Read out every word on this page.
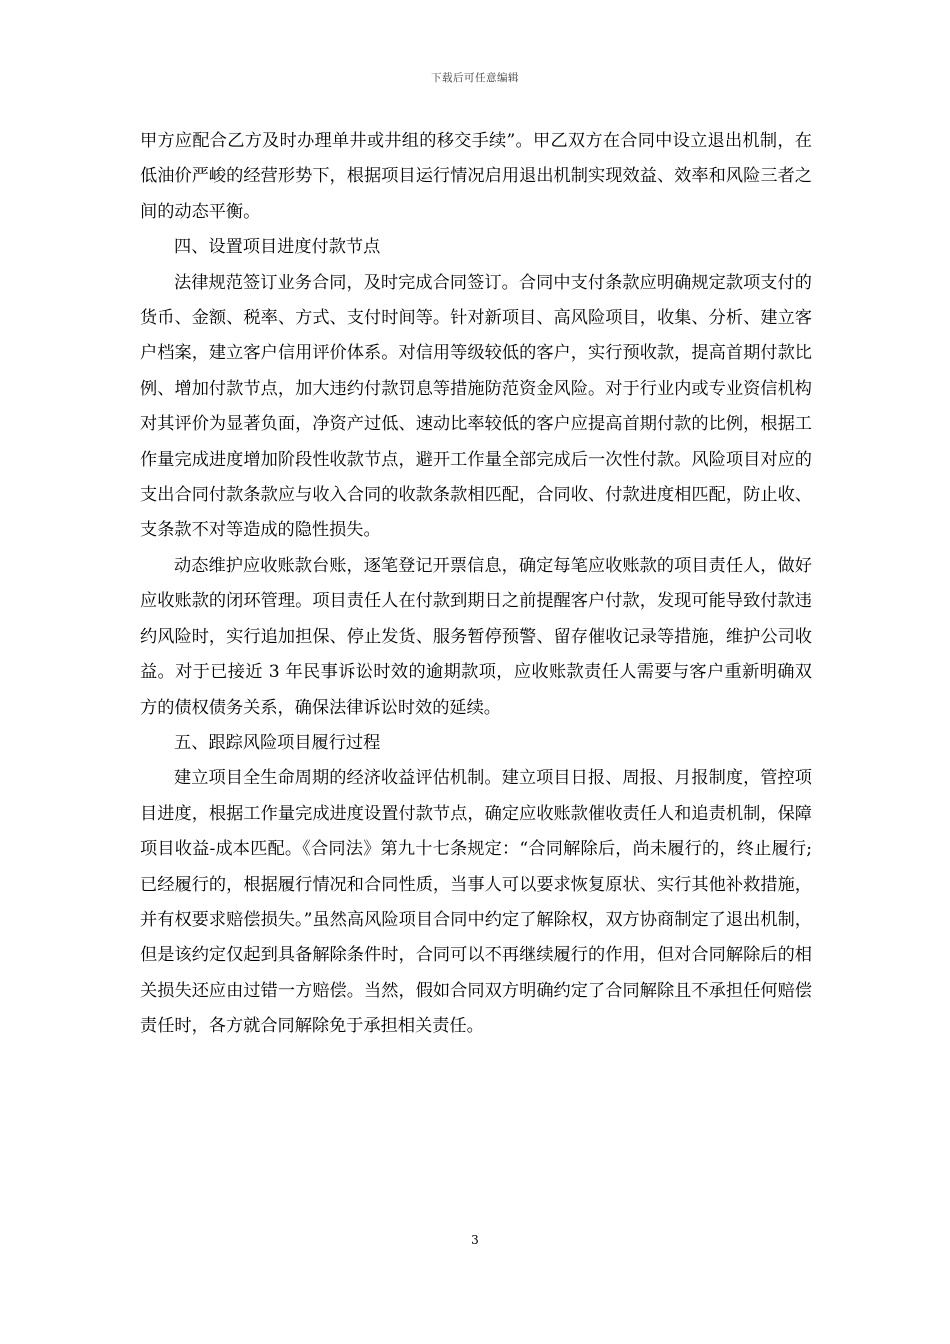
下载后可任意编辑

甲方应配合乙方及时办理单井或井组的移交手续”。甲乙双方在合同中设立退出机制，在低油价严峻的经营形势下，根据项目运行情况启用退出机制实现效益、效率和风险三者之间的动态平衡。

四、设置项目进度付款节点

法律规范签订业务合同，及时完成合同签订。合同中支付条款应明确规定款项支付的货币、金额、税率、方式、支付时间等。针对新项目、高风险项目，收集、分析、建立客户档案，建立客户信用评价体系。对信用等级较低的客户，实行预收款，提高首期付款比例、增加付款节点，加大违约付款罚息等措施防范资金风险。对于行业内或专业资信机构对其评价为显著负面，净资产过低、速动比率较低的客户应提高首期付款的比例，根据工作量完成进度增加阶段性收款节点，避开工作量全部完成后一次性付款。风险项目对应的支出合同付款条款应与收入合同的收款条款相匹配，合同收、付款进度相匹配，防止收、支条款不对等造成的隐性损失。

动态维护应收账款台账，逐笔登记开票信息，确定每笔应收账款的项目责任人，做好应收账款的闭环管理。项目责任人在付款到期日之前提醒客户付款，发现可能导致付款违约风险时，实行追加担保、停止发货、服务暂停预警、留存催收记录等措施，维护公司收益。对于已接近 3 年民事诉讼时效的逾期款项，应收账款责任人需要与客户重新明确双方的债权债务关系，确保法律诉讼时效的延续。

五、跟踪风险项目履行过程

建立项目全生命周期的经济收益评估机制。建立项目日报、周报、月报制度，管控项目进度，根据工作量完成进度设置付款节点，确定应收账款催收责任人和追责机制，保障项目收益-成本匹配。《合同法》第九十七条规定：“合同解除后，尚未履行的，终止履行;已经履行的，根据履行情况和合同性质，当事人可以要求恢复原状、实行其他补救措施，并有权要求赔偿损失。”虽然高风险项目合同中约定了解除权，双方协商制定了退出机制，但是该约定仅起到具备解除条件时，合同可以不再继续履行的作用，但对合同解除后的相关损失还应由过错一方赔偿。当然，假如合同双方明确约定了合同解除且不承担任何赔偿责任时，各方就合同解除免于承担相关责任。

3
